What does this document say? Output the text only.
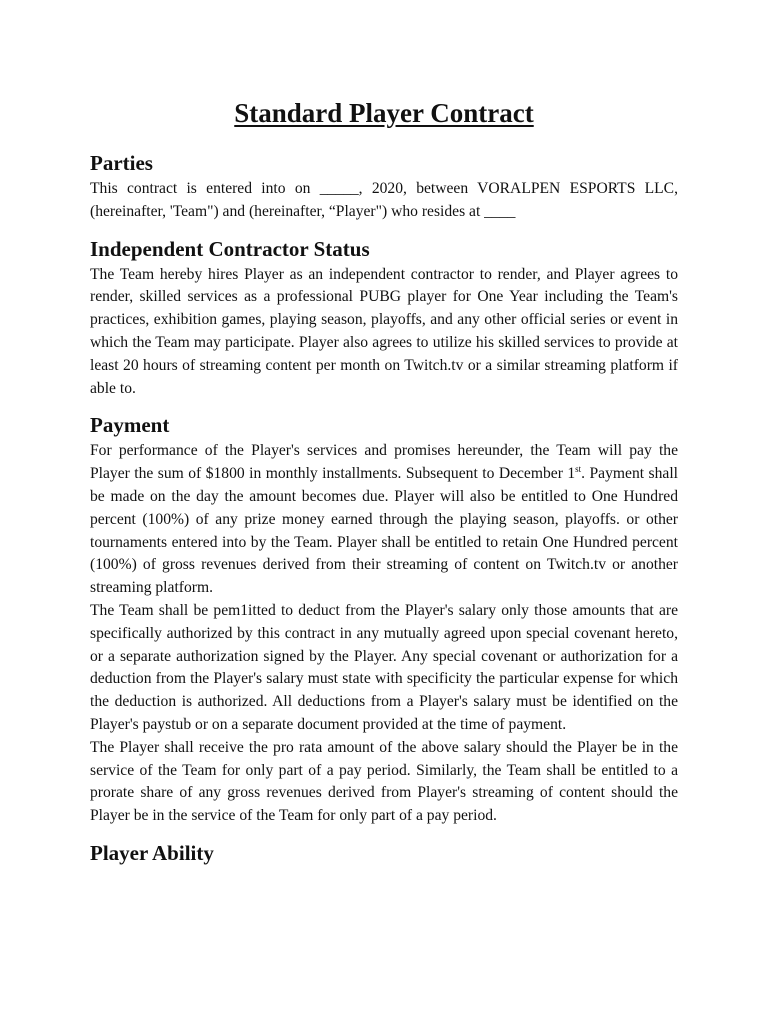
Standard Player Contract
Parties

This contract is entered into on _____, 2020, between VORALPEN ESPORTS LLC, (hereinafter, 'Team") and (hereinafter, “Player") who resides at ____

Independent Contractor Status

The Team hereby hires Player as an independent contractor to render, and Player agrees to render, skilled services as a professional PUBG player for One Year including the Team's practices, exhibition games, playing season, playoffs, and any other official series or event in which the Team may participate. Player also agrees to utilize his skilled services to provide at least 20 hours of streaming content per month on Twitch.tv or a similar streaming platform if able to.

Payment

For performance of the Player's services and promises hereunder, the Team will pay the Player the sum of $1800 in monthly installments. Subsequent to December 1st. Payment shall be made on the day the amount becomes due. Player will also be entitled to One Hundred percent (100%) of any prize money earned through the playing season, playoffs. or other tournaments entered into by the Team. Player shall be entitled to retain One Hundred percent (100%) of gross revenues derived from their streaming of content on Twitch.tv or another streaming platform.

The Team shall be pem1itted to deduct from the Player's salary only those amounts that are specifically authorized by this contract in any mutually agreed upon special covenant hereto, or a separate authorization signed by the Player. Any special covenant or authorization for a deduction from the Player's salary must state with specificity the particular expense for which the deduction is authorized. All deductions from a Player's salary must be identified on the Player's paystub or on a separate document provided at the time of payment.

The Player shall receive the pro rata amount of the above salary should the Player be in the service of the Team for only part of a pay period. Similarly, the Team shall be entitled to a prorate share of any gross revenues derived from Player's streaming of content should the Player be in the service of the Team for only part of a pay period.

Player Ability
